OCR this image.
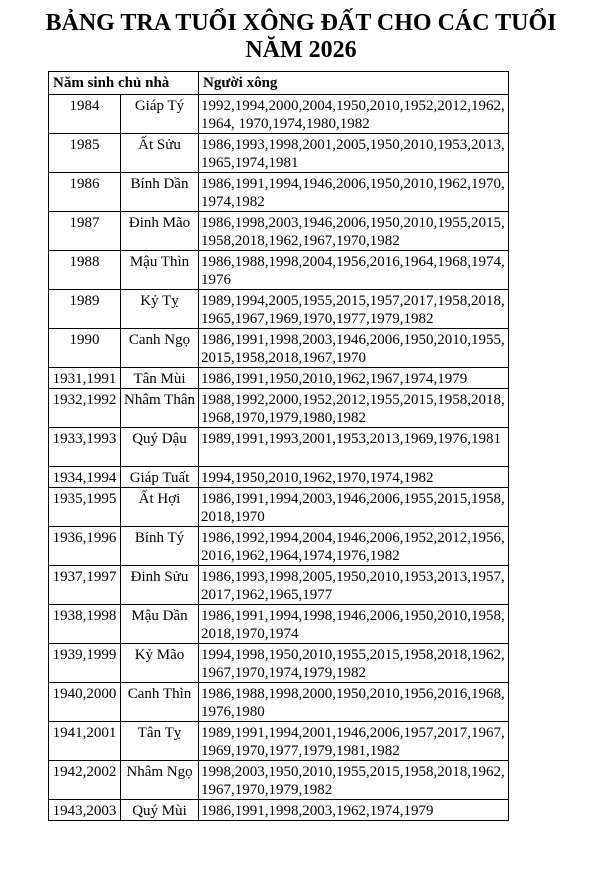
BẢNG TRA TUỔI XÔNG ĐẤT CHO CÁC TUỔI NĂM 2026
Năm sinh chủ nhà		Người xông
1984	Giáp Tý	1992,1994,2000,2004,1950,2010,1952,2012,1962,1964, 1970,1974,1980,1982
1985	Ất Sửu	1986,1993,1998,2001,2005,1950,2010,1953,2013,1965,1974,1981
1986	Bính Dần	1986,1991,1994,1946,2006,1950,2010,1962,1970,1974,1982
1987	Đinh Mão	1986,1998,2003,1946,2006,1950,2010,1955,2015,1958,2018,1962,1967,1970,1982
1988	Mậu Thìn	1986,1988,1998,2004,1956,2016,1964,1968,1974,1976
1989	Kỷ Tỵ	1989,1994,2005,1955,2015,1957,2017,1958,2018,1965,1967,1969,1970,1977,1979,1982
1990	Canh Ngọ	1986,1991,1998,2003,1946,2006,1950,2010,1955,2015,1958,2018,1967,1970
1931,1991	Tân Mùi	1986,1991,1950,2010,1962,1967,1974,1979
1932,1992	Nhâm Thân	1988,1992,2000,1952,2012,1955,2015,1958,2018,1968,1970,1979,1980,1982
1933,1993	Quý Dậu	1989,1991,1993,2001,1953,2013,1969,1976,1981
1934,1994	Giáp Tuất	1994,1950,2010,1962,1970,1974,1982
1935,1995	Ất Hợi	1986,1991,1994,2003,1946,2006,1955,2015,1958,2018,1970
1936,1996	Bính Tý	1986,1992,1994,2004,1946,2006,1952,2012,1956,2016,1962,1964,1974,1976,1982
1937,1997	Đinh Sửu	1986,1993,1998,2005,1950,2010,1953,2013,1957,2017,1962,1965,1977
1938,1998	Mậu Dần	1986,1991,1994,1998,1946,2006,1950,2010,1958,2018,1970,1974
1939,1999	Kỷ Mão	1994,1998,1950,2010,1955,2015,1958,2018,1962,1967,1970,1974,1979,1982
1940,2000	Canh Thìn	1986,1988,1998,2000,1950,2010,1956,2016,1968,1976,1980
1941,2001	Tân Tỵ	1989,1991,1994,2001,1946,2006,1957,2017,1967,1969,1970,1977,1979,1981,1982
1942,2002	Nhâm Ngọ	1998,2003,1950,2010,1955,2015,1958,2018,1962,1967,1970,1979,1982
1943,2003	Quý Mùi	1986,1991,1998,2003,1962,1974,1979
